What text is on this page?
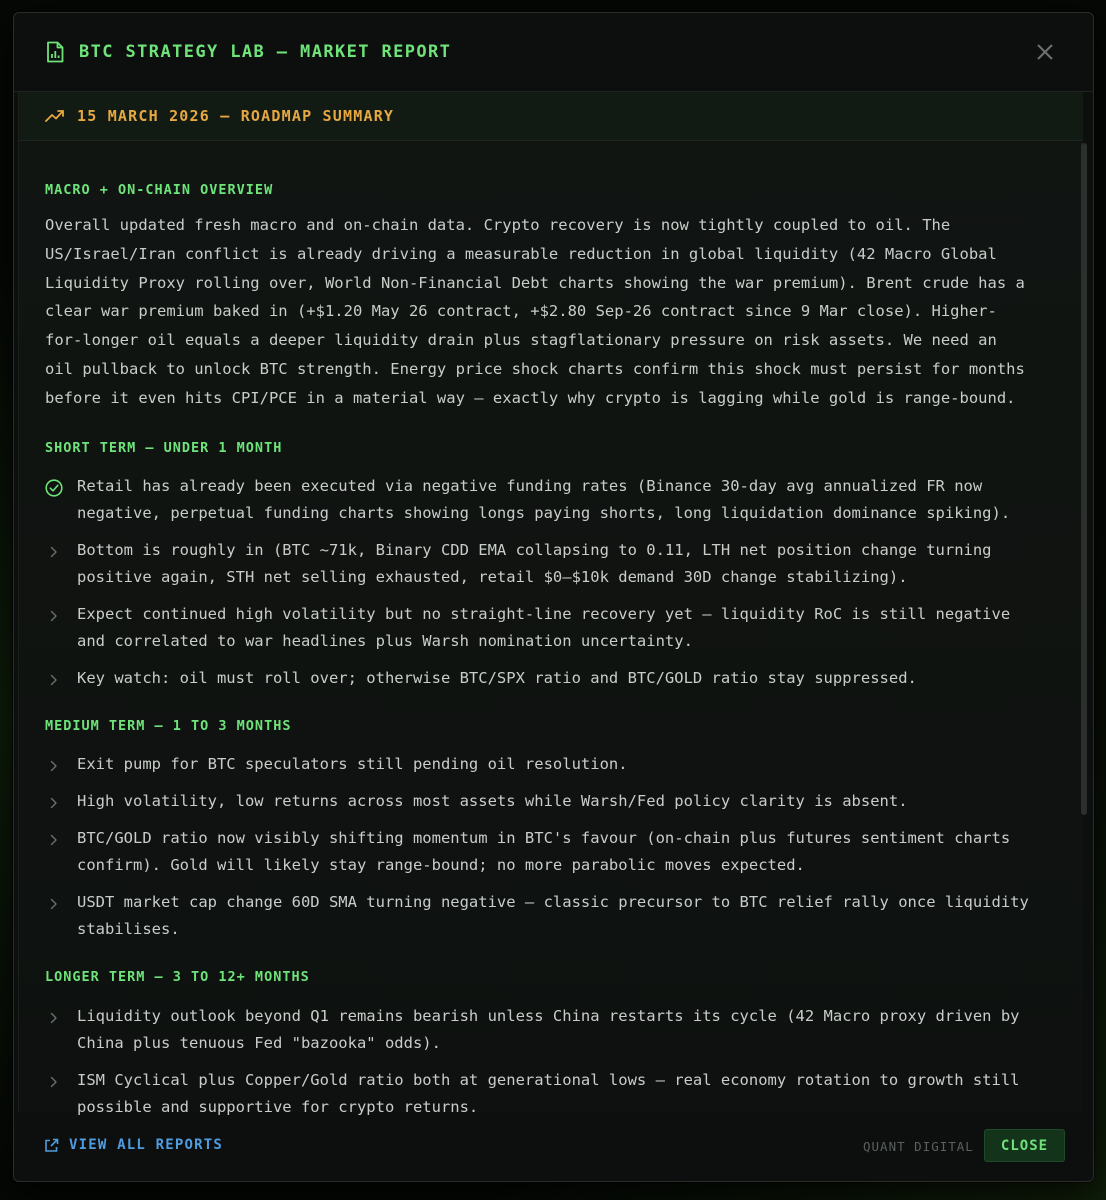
BTC STRATEGY LAB — MARKET REPORT
15 MARCH 2026 — ROADMAP SUMMARY
MACRO + ON-CHAIN OVERVIEW
Overall updated fresh macro and on-chain data. Crypto recovery is now tightly coupled to oil. The
US/Israel/Iran conflict is already driving a measurable reduction in global liquidity (42 Macro Global
Liquidity Proxy rolling over, World Non-Financial Debt charts showing the war premium). Brent crude has a
clear war premium baked in (+$1.20 May 26 contract, +$2.80 Sep-26 contract since 9 Mar close). Higher-
for-longer oil equals a deeper liquidity drain plus stagflationary pressure on risk assets. We need an
oil pullback to unlock BTC strength. Energy price shock charts confirm this shock must persist for months
before it even hits CPI/PCE in a material way — exactly why crypto is lagging while gold is range-bound.
SHORT TERM — UNDER 1 MONTH
Retail has already been executed via negative funding rates (Binance 30-day avg annualized FR now
negative, perpetual funding charts showing longs paying shorts, long liquidation dominance spiking).
Bottom is roughly in (BTC ~71k, Binary CDD EMA collapsing to 0.11, LTH net position change turning
positive again, STH net selling exhausted, retail $0–$10k demand 30D change stabilizing).
Expect continued high volatility but no straight-line recovery yet — liquidity RoC is still negative
and correlated to war headlines plus Warsh nomination uncertainty.
Key watch: oil must roll over; otherwise BTC/SPX ratio and BTC/GOLD ratio stay suppressed.
MEDIUM TERM — 1 TO 3 MONTHS
Exit pump for BTC speculators still pending oil resolution.
High volatility, low returns across most assets while Warsh/Fed policy clarity is absent.
BTC/GOLD ratio now visibly shifting momentum in BTC's favour (on-chain plus futures sentiment charts
confirm). Gold will likely stay range-bound; no more parabolic moves expected.
USDT market cap change 60D SMA turning negative — classic precursor to BTC relief rally once liquidity
stabilises.
LONGER TERM — 3 TO 12+ MONTHS
Liquidity outlook beyond Q1 remains bearish unless China restarts its cycle (42 Macro proxy driven by
China plus tenuous Fed "bazooka" odds).
ISM Cyclical plus Copper/Gold ratio both at generational lows — real economy rotation to growth still
possible and supportive for crypto returns.
VIEW ALL REPORTS	QUANT DIGITAL	CLOSE
